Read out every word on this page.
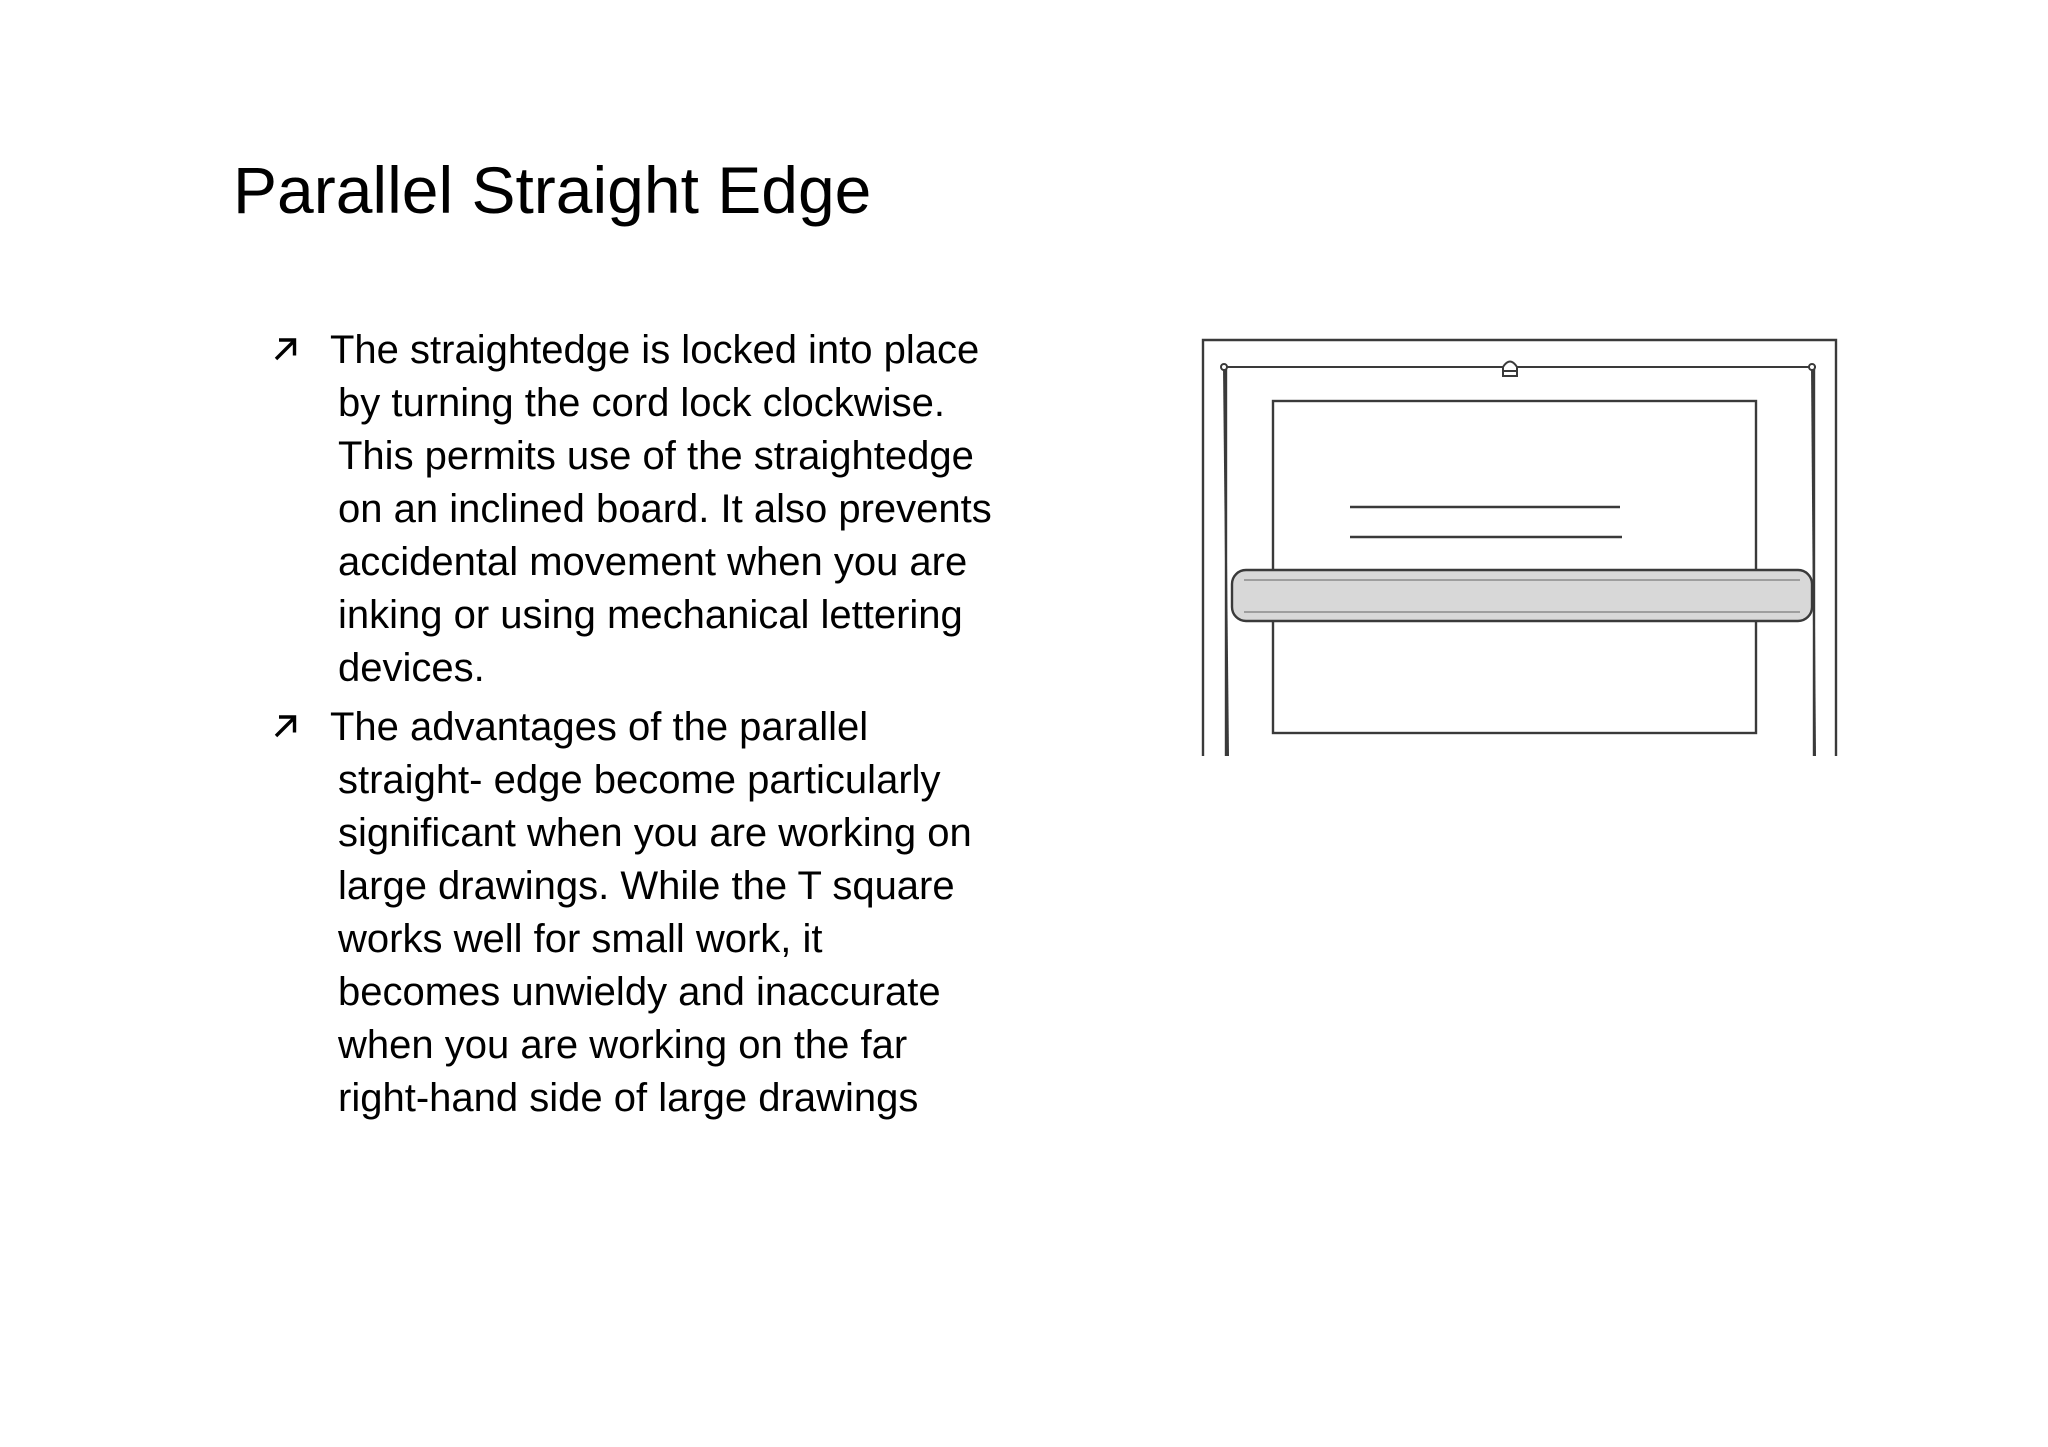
Parallel Straight Edge
The straightedge is locked into place
by turning the cord lock clockwise.
This permits use of the straightedge
on an inclined board. It also prevents
accidental movement when you are
inking or using mechanical lettering
devices.
The advantages of the parallel
straight- edge become particularly
significant when you are working on
large drawings. While the T square
works well for small work, it
becomes unwieldy and inaccurate
when you are working on the far
right-hand side of large drawings
